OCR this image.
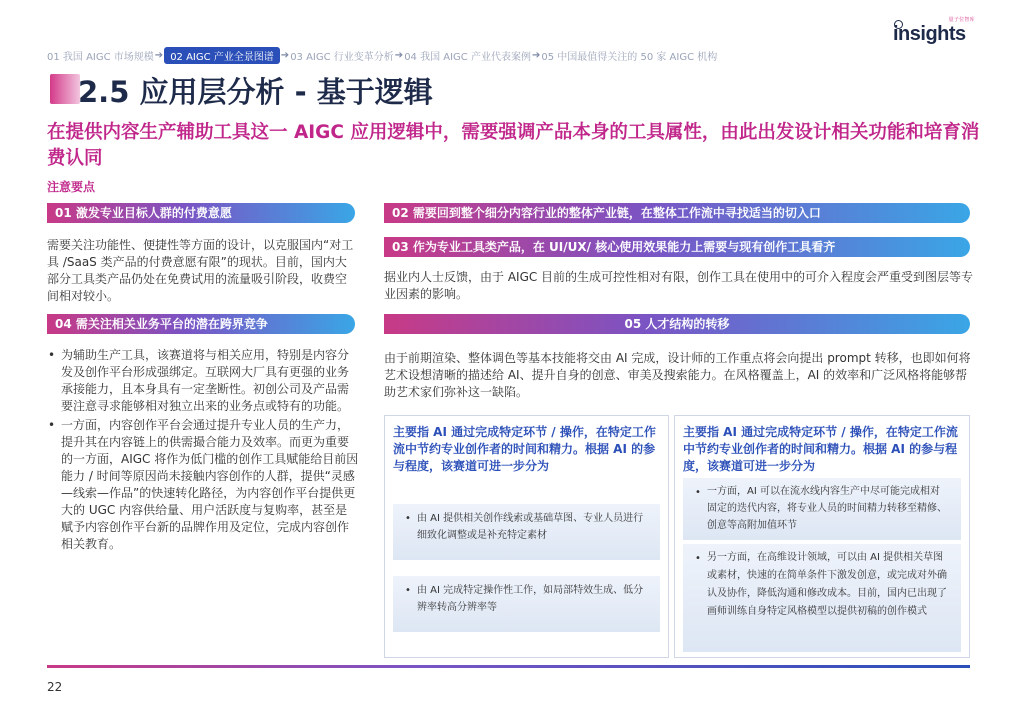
量子位智库
insights
01 我国 AIGC 市场规模 ➔ 02 AIGC 产业全景图谱 ➔ 03 AIGC 行业变革分析 ➔ 04 我国 AIGC 产业代表案例 ➔ 05 中国最值得关注的 50 家 AIGC 机构
2.5 应用层分析 - 基于逻辑

在提供内容生产辅助工具这一 AIGC 应用逻辑中，需要强调产品本身的工具属性，由此出发设计相关功能和培育消费认同

注意要点

01 激发专业目标人群的付费意愿

需要关注功能性、便捷性等方面的设计，以克服国内“对工具 /SaaS 类产品的付费意愿有限”的现状。目前，国内大部分工具类产品仍处在免费试用的流量吸引阶段，收费空间相对较小。

02 需要回到整个细分内容行业的整体产业链，在整体工作流中寻找适当的切入口
03 作为专业工具类产品，在 UI/UX/ 核心使用效果能力上需要与现有创作工具看齐

据业内人士反馈，由于 AIGC 目前的生成可控性相对有限，创作工具在使用中的可介入程度会严重受到图层等专业因素的影响。

04 需关注相关业务平台的潜在跨界竞争
• 为辅助生产工具，该赛道将与相关应用，特别是内容分发及创作平台形成强绑定。互联网大厂具有更强的业务承接能力，且本身具有一定垄断性。初创公司及产品需要注意寻求能够相对独立出来的业务点或特有的功能。
• 一方面，内容创作平台会通过提升专业人员的生产力，提升其在内容链上的供需撮合能力及效率。而更为重要的一方面，AIGC 将作为低门槛的创作工具赋能给目前因能力 / 时间等原因尚未接触内容创作的人群，提供“灵感—线索—作品”的快速转化路径，为内容创作平台提供更大的 UGC 内容供给量、用户活跃度与复购率，甚至是赋予内容创作平台新的品牌作用及定位，完成内容创作相关教育。
05 人才结构的转移

由于前期渲染、整体调色等基本技能将交由 AI 完成，设计师的工作重点将会向提出 prompt 转移，也即如何将艺术设想清晰的描述给 AI、提升自身的创意、审美及搜索能力。在风格覆盖上，AI 的效率和广泛风格将能够帮助艺术家们弥补这一缺陷。

主要指 AI 通过完成特定环节 / 操作，在特定工作流中节约专业创作者的时间和精力。根据 AI 的参与程度，该赛道可进一步分为

• 由 AI 提供相关创作线索或基础草图、专业人员进行细致化调整或是补充特定素材
• 由 AI 完成特定操作性工作，如局部特效生成、低分辨率转高分辨率等

主要指 AI 通过完成特定环节 / 操作，在特定工作流中节约专业创作者的时间和精力。根据 AI 的参与程度，该赛道可进一步分为

• 一方面，AI 可以在流水线内容生产中尽可能完成相对固定的迭代内容，将专业人员的时间精力转移至精修、创意等高附加值环节
• 另一方面，在高维设计领域，可以由 AI 提供相关草图或素材，快速的在简单条件下激发创意，或完成对外确认及协作，降低沟通和修改成本。目前，国内已出现了画师训练自身特定风格模型以提供初稿的创作模式
22
